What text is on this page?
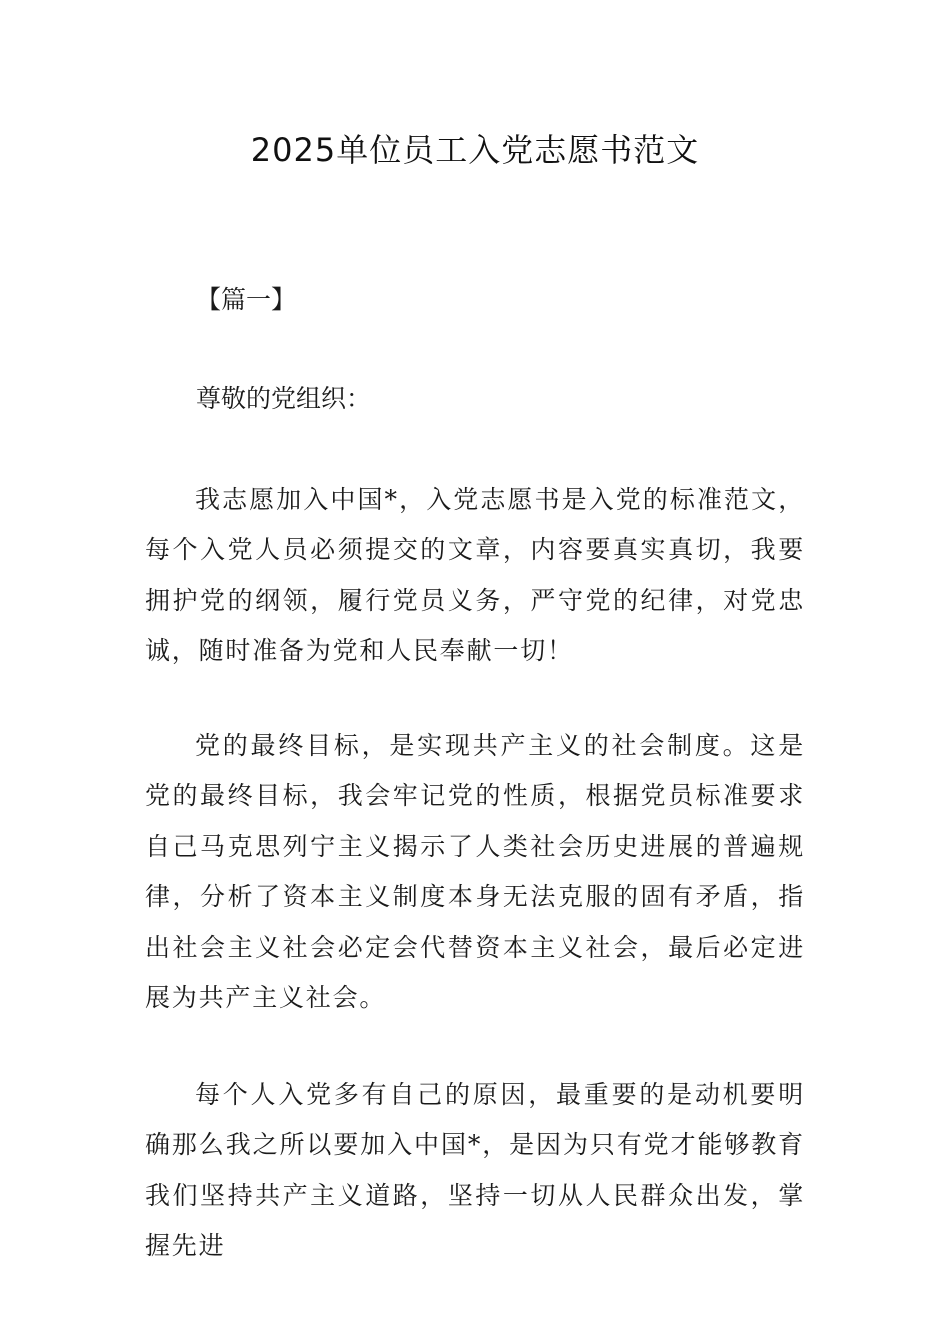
2025单位员工入党志愿书范文

【篇一】

尊敬的党组织：

我志愿加入中国*，入党志愿书是入党的标准范文，每个入党人员必须提交的文章，内容要真实真切，我要拥护党的纲领，履行党员义务，严守党的纪律，对党忠诚，随时准备为党和人民奉献一切！

党的最终目标，是实现共产主义的社会制度。这是党的最终目标，我会牢记党的性质，根据党员标准要求自己马克思列宁主义揭示了人类社会历史进展的普遍规律，分析了资本主义制度本身无法克服的固有矛盾，指出社会主义社会必定会代替资本主义社会，最后必定进展为共产主义社会。

每个人入党多有自己的原因，最重要的是动机要明确那么我之所以要加入中国*，是因为只有党才能够教育我们坚持共产主义道路，坚持一切从人民群众出发，掌握先进
